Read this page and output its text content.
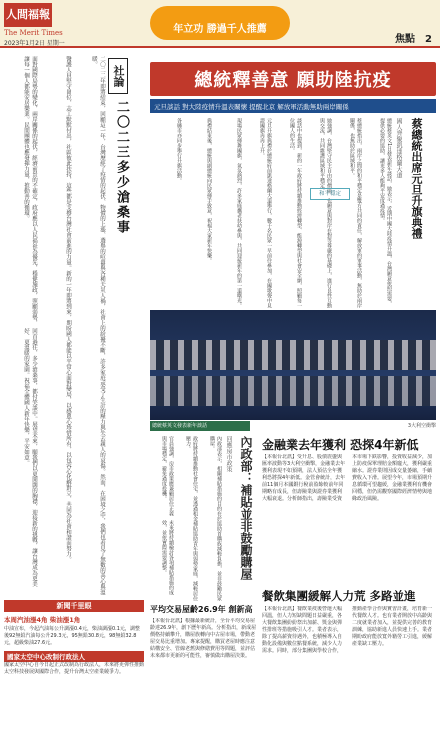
人間福報
The Merit Times
2023年1月2日 星期一
年立功 勝過千人推薦
焦點　2
社論
二〇二三多少滄桑事
二〇二二年即將結束，回顧這一年，台灣歷經了疫情的起伏、物價的上漲、選舉的喧囂與各種天災人禍，社會上的紛擾不斷，許多家庭承受了生計的壓力與失去親人的哀傷。然而，在困境之中，我們也看見了無數的善心與溫暖。
醫護人員堅守崗位，志工默默付出，社區彼此扶持，這些都是支撐台灣社會前進的力量。新的一年即將到來，期盼國人都能以平常心面對變局，以感恩心珍惜所有，以包容心化解對立，共同為社會和諧而努力。
面對國際局勢的變化，兩岸關係的起伏，經濟前景的不確定，政府應以人民福祉為優先，穩健施政，照顧弱勢，讓每一個人都能安居樂業。民間團體也應發揮力量，推動善的循環。
回首過往，多少滄桑事，都付笑談中。展望未來，願我們以更開闊的胸襟，迎接新的挑戰，讓台灣成為更美好、更溫暖的家園。祝福全體國人新年快樂，平安如意。
總統釋善意 願助陸抗疫
元旦談話 對大陸疫情升溫表關懷 提醒北京 解放軍活動無助兩岸關係
蔡總統出席元旦升旗典禮
國人齊聚凱達格蘭大道
總統蔡英文1日發表新年談話，她表示，近期中國大陸疫情升溫，台灣願意依照需要，提供必要的協助，讓更多人能夠平安度過疫情。
蔡總統指出，兩岸之間的和平穩定是雙方共同的責任，解放軍的軍事活動，無助於兩岸關係，也無助於區域和平。
她強調，台灣堅守民主自由的價值，也願意與對岸在對等尊嚴的基礎上，進行良性互動與交流，共同維護區域和平穩定。
談話中也提到，新的一年政府將持續推動經濟轉型、能源轉型與社會安全網，照顧每一位國人的生活。
元旦升旗典禮於總統府前凱達格蘭大道舉行，數千名民眾一早前往參加，在國歌聲中見證國旗冉冉上升。
現場民眾揮舞國旗，氣氛熱烈，許多家庭攜老扶幼參與，共同迎接新年的第一道曙光。
典禮結束後，總統與副總統向民眾揮手致意，祝福大家新年快樂。
各縣市亦同步舉行升旗活動。
和平穩定
總統蔡英文發表新年談話	3大利空衝擊
內政部：補貼並非鼓勵購屋
回應房市政策
內政部表示，相關補貼措施的目的在於協助首購族減輕負擔，並非鼓勵民眾購屋。
政府將持續推動社會住宅，並透過租金補貼協助青年與弱勢家庭，減輕居住壓力。
官員強調，房市政策應兼顧居住正義與市場穩定，避免過度投機。
未來將持續檢討各項補貼措施的成效，並依實際需要調整。
金融業去年獲利 恐探4年新低
【本報台北訊】受升息、股債震盪與匯率波動等3大利空衝擊，金融業去年獲利表現不如預期，法人預估全年獲利恐將探4年新低。金管會統計，去年前11個月本國銀行稅前盈餘較前年同期略有成長，但壽險業與證券業獲利大幅衰退。分析師指出，壽險業受資本市場下跌影響，投資收益減少，加上防疫保單理賠金額龐大，獲利嚴重縮水。證券業則因成交量萎縮，手續費收入下滑。展望今年，市場預期升息循環可望趨緩，金融業獲利有機會回穩，但仍需觀察國際經濟情勢與地緣政治風險。
餐飲集團緩解人力荒 多路並進
【本報台北訊】餐飲業疫後營運大幅回溫，但人力短缺問題日益嚴重，各大餐飲集團紛紛祭出加薪、獎金與彈性排班等措施吸引人才。業者表示，除了提高薪資待遇外，也積極導入自動化設備與數位點餐系統，減少人力需求。同時，部分集團與學校合作，推動產學合作與實習計畫，培育新一代餐飲人才。也有業者開放中高齡與二度就業者加入，並提供完善的教育訓練，協助新進人員快速上手。業者期盼政府能放寬外籍勞工引進，緩解產業缺工壓力。
平均交易屋齡26.9年 創新高
【本報台北訊】根據最新統計，全台平均交易屋齡達26.9年，創下歷年新高。分析指出，新成屋價格持續攀升，購屋族轉向中古屋市場，帶動老屋交易比重增加。專家提醒，購買老屋時應注意結構安全、管線老舊與修繕費用等問題，並評估未來都市更新的可能性，審慎做出購屋決策。
新聞千里眼
本周汽油漲4角 柴油漲1角
中油宣布，今起汽油每公升調漲0.4元，柴油調漲0.1元，調整後92無鉛汽油每公升29.3元，95無鉛30.8元，98無鉛32.8元，超級柴油27.6元。
國家太空中心改制行政法人
國家太空中心自今日起正式改制為行政法人，未來將更彈性推動太空科技發展與國際合作，提升台灣太空產業競爭力。
